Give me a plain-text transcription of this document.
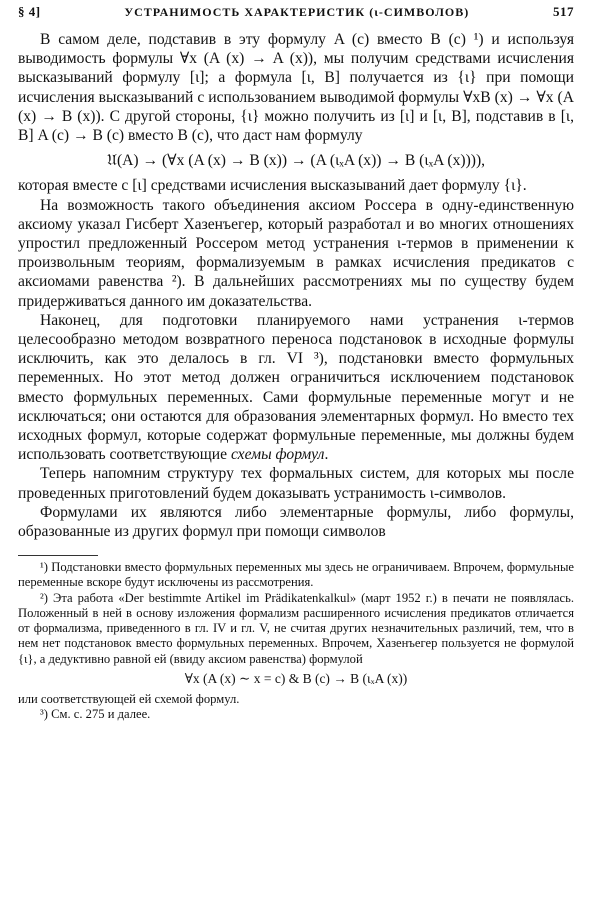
§ 4]	УСТРАНИМОСТЬ ХАРАКТЕРИСТИК (ι-СИМВОЛОВ)	517

В самом деле, подставив в эту формулу A (c) вместо B (c) ¹) и используя выводимость формулы ∀x (A (x) → A (x)), мы получим средствами исчисления высказываний формулу [ι]; а формула [ι, B] получается из {ι} при помощи исчисления высказываний с использованием выводимой формулы ∀xB (x) → ∀x (A (x) → B (x)). С другой стороны, {ι} можно получить из [ι] и [ι, B], подставив в [ι, B] A (c) → B (c) вместо B (c), что даст нам формулу

𝔘(A) → (∀x (A (x) → B (x)) → (A (ιₓA (x)) → B (ιₓA (x)))),

которая вместе с [ι] средствами исчисления высказываний дает формулу {ι}.

На возможность такого объединения аксиом Россера в одну-единственную аксиому указал Гисберт Хазенъегер, который разработал и во многих отношениях упростил предложенный Россером метод устранения ι-термов в применении к произвольным теориям, формализуемым в рамках исчисления предикатов с аксиомами равенства ²). В дальнейших рассмотрениях мы по существу будем придерживаться данного им доказательства.

Наконец, для подготовки планируемого нами устранения ι-термов целесообразно методом возвратного переноса подстановок в исходные формулы исключить, как это делалось в гл. VI ³), подстановки вместо формульных переменных. Но этот метод должен ограничиться исключением подстановок вместо формульных переменных. Сами формульные переменные могут и не исключаться; они остаются для образования элементарных формул. Но вместо тех исходных формул, которые содержат формульные переменные, мы должны будем использовать соответствующие схемы формул.

Теперь напомним структуру тех формальных систем, для которых мы после проведенных приготовлений будем доказывать устранимость ι-символов.

Формулами их являются либо элементарные формулы, либо формулы, образованные из других формул при помощи символов

¹) Подстановки вместо формульных переменных мы здесь не ограничиваем. Впрочем, формульные переменные вскоре будут исключены из рассмотрения.

²) Эта работа «Der bestimmte Artikel im Prädikatenkalkul» (март 1952 г.) в печати не появлялась. Положенный в ней в основу изложения формализм расширенного исчисления предикатов отличается от формализма, приведенного в гл. IV и гл. V, не считая других незначительных различий, тем, что в нем нет подстановок вместо формульных переменных. Впрочем, Хазенъегер пользуется не формулой {ι}, а дедуктивно равной ей (ввиду аксиом равенства) формулой

∀x (A (x) ∼ x = c) & B (c) → B (ιₓA (x))

или соответствующей ей схемой формул.

³) См. с. 275 и далее.
